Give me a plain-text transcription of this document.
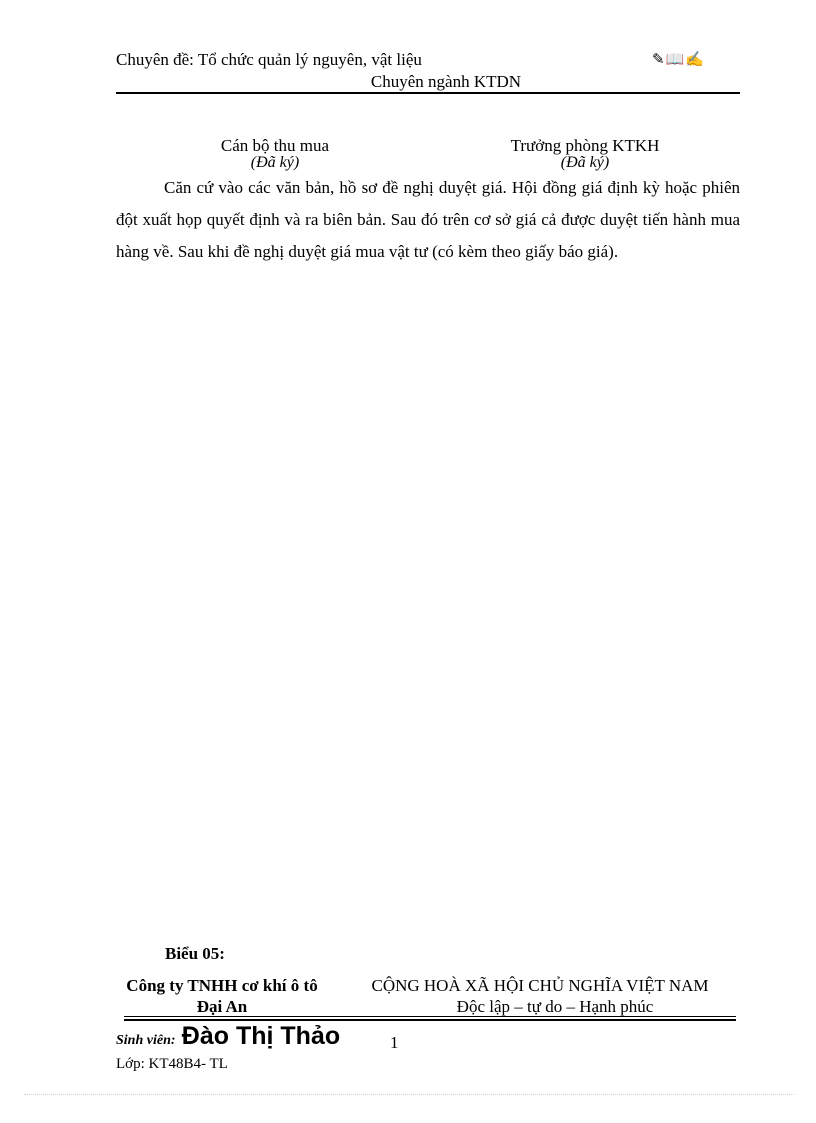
Chuyên đề: Tổ chức quản lý nguyên, vật liệu	✎📖✍
Chuyên ngành KTDN
Cán bộ thu mua
(Đã ký)
Trưởng phòng KTKH
(Đã ký)

Căn cứ vào các văn bản, hồ sơ đề nghị duyệt giá. Hội đồng giá định kỳ hoặc phiên đột xuất họp quyết định và ra biên bản. Sau đó trên cơ sở giá cả được duyệt tiến hành mua hàng về. Sau khi đề nghị duyệt giá mua vật tư (có kèm theo giấy báo giá).

Biểu 05:
Công ty TNHH cơ khí ô tô
Đại An
CỘNG HOÀ XÃ HỘI CHỦ NGHĨA VIỆT NAM
Độc lập – tự do – Hạnh phúc
Sinh viên: Đào Thị Thảo	1
Lớp: KT48B4- TL
